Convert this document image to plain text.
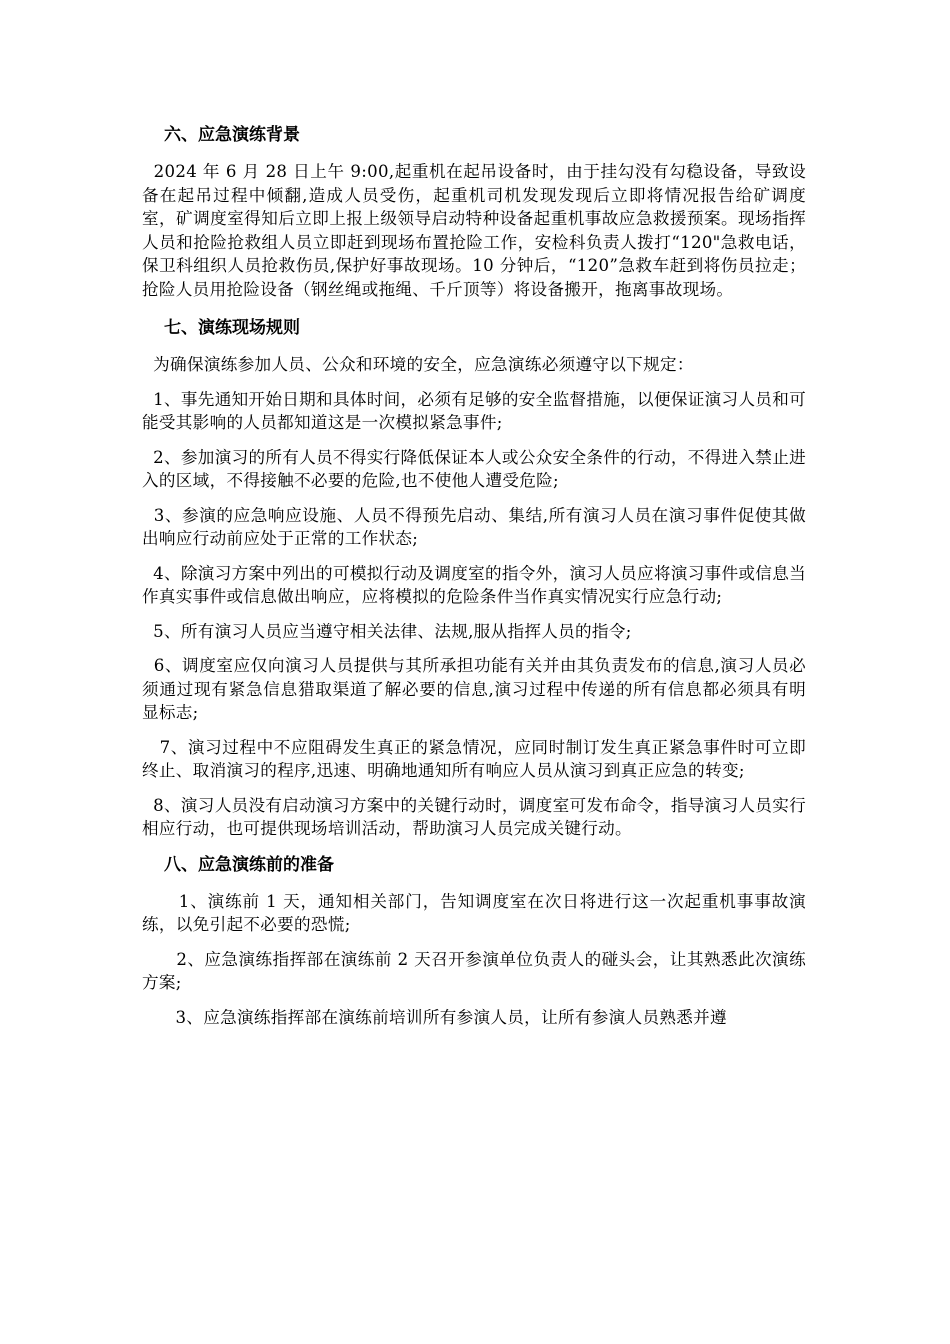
六、应急演练背景

2024 年 6 月 28 日上午 9:00,起重机在起吊设备时，由于挂勾没有勾稳设备，导致设备在起吊过程中倾翻,造成人员受伤，起重机司机发现发现后立即将情况报告给矿调度室，矿调度室得知后立即上报上级领导启动特种设备起重机事故应急救援预案。现场指挥人员和抢险抢救组人员立即赶到现场布置抢险工作，安检科负责人拨打“120"急救电话，保卫科组织人员抢救伤员,保护好事故现场。10 分钟后，“120”急救车赶到将伤员拉走；抢险人员用抢险设备（钢丝绳或拖绳、千斤顶等）将设备搬开，拖离事故现场。

七、演练现场规则

为确保演练参加人员、公众和环境的安全，应急演练必须遵守以下规定：

1、事先通知开始日期和具体时间，必须有足够的安全监督措施，以便保证演习人员和可能受其影响的人员都知道这是一次模拟紧急事件;

2、参加演习的所有人员不得实行降低保证本人或公众安全条件的行动，不得进入禁止进入的区域，不得接触不必要的危险,也不使他人遭受危险;

3、参演的应急响应设施、人员不得预先启动、集结,所有演习人员在演习事件促使其做出响应行动前应处于正常的工作状态;

4、除演习方案中列出的可模拟行动及调度室的指令外，演习人员应将演习事件或信息当作真实事件或信息做出响应，应将模拟的危险条件当作真实情况实行应急行动;

5、所有演习人员应当遵守相关法律、法规,服从指挥人员的指令;

6、调度室应仅向演习人员提供与其所承担功能有关并由其负责发布的信息,演习人员必须通过现有紧急信息猎取渠道了解必要的信息,演习过程中传递的所有信息都必须具有明显标志;

7、演习过程中不应阻碍发生真正的紧急情况，应同时制订发生真正紧急事件时可立即终止、取消演习的程序,迅速、明确地通知所有响应人员从演习到真正应急的转变;

8、演习人员没有启动演习方案中的关键行动时，调度室可发布命令，指导演习人员实行相应行动，也可提供现场培训活动，帮助演习人员完成关键行动。

八、应急演练前的准备

1、演练前 1 天，通知相关部门，告知调度室在次日将进行这一次起重机事事故演练，以免引起不必要的恐慌;

2、应急演练指挥部在演练前 2 天召开参演单位负责人的碰头会，让其熟悉此次演练方案;

3、应急演练指挥部在演练前培训所有参演人员，让所有参演人员熟悉并遵
